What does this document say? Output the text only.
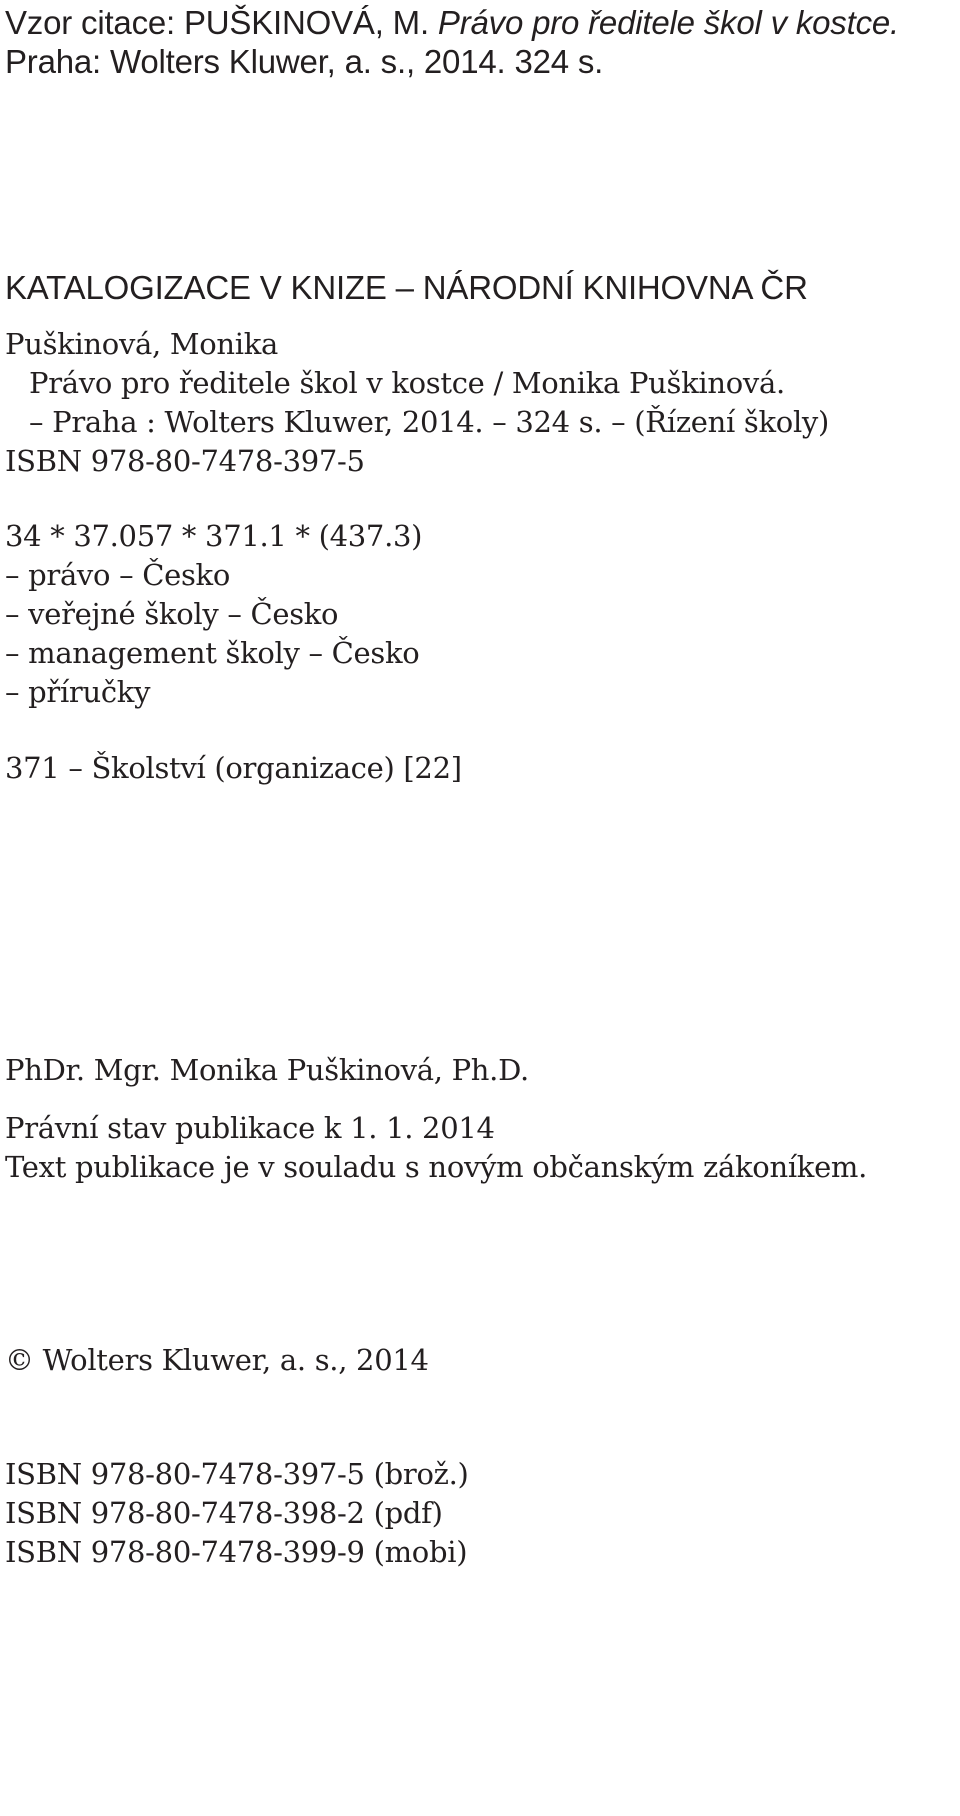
Vzor citace: PUŠKINOVÁ, M. Právo pro ředitele škol v kostce.
Praha: Wolters Kluwer, a. s., 2014. 324 s.
KATALOGIZACE V KNIZE – NÁRODNÍ KNIHOVNA ČR
Puškinová, Monika
Právo pro ředitele škol v kostce / Monika Puškinová.
– Praha : Wolters Kluwer, 2014. – 324 s. – (Řízení školy)
ISBN 978-80-7478-397-5
34 * 37.057 * 371.1 * (437.3)
– právo – Česko
– veřejné školy – Česko
– management školy – Česko
– příručky
371 – Školství (organizace) [22]
PhDr. Mgr. Monika Puškinová, Ph.D.
Právní stav publikace k 1. 1. 2014
Text publikace je v souladu s novým občanským zákoníkem.
© Wolters Kluwer, a. s., 2014
ISBN 978-80-7478-397-5 (brož.)
ISBN 978-80-7478-398-2 (pdf)
ISBN 978-80-7478-399-9 (mobi)
